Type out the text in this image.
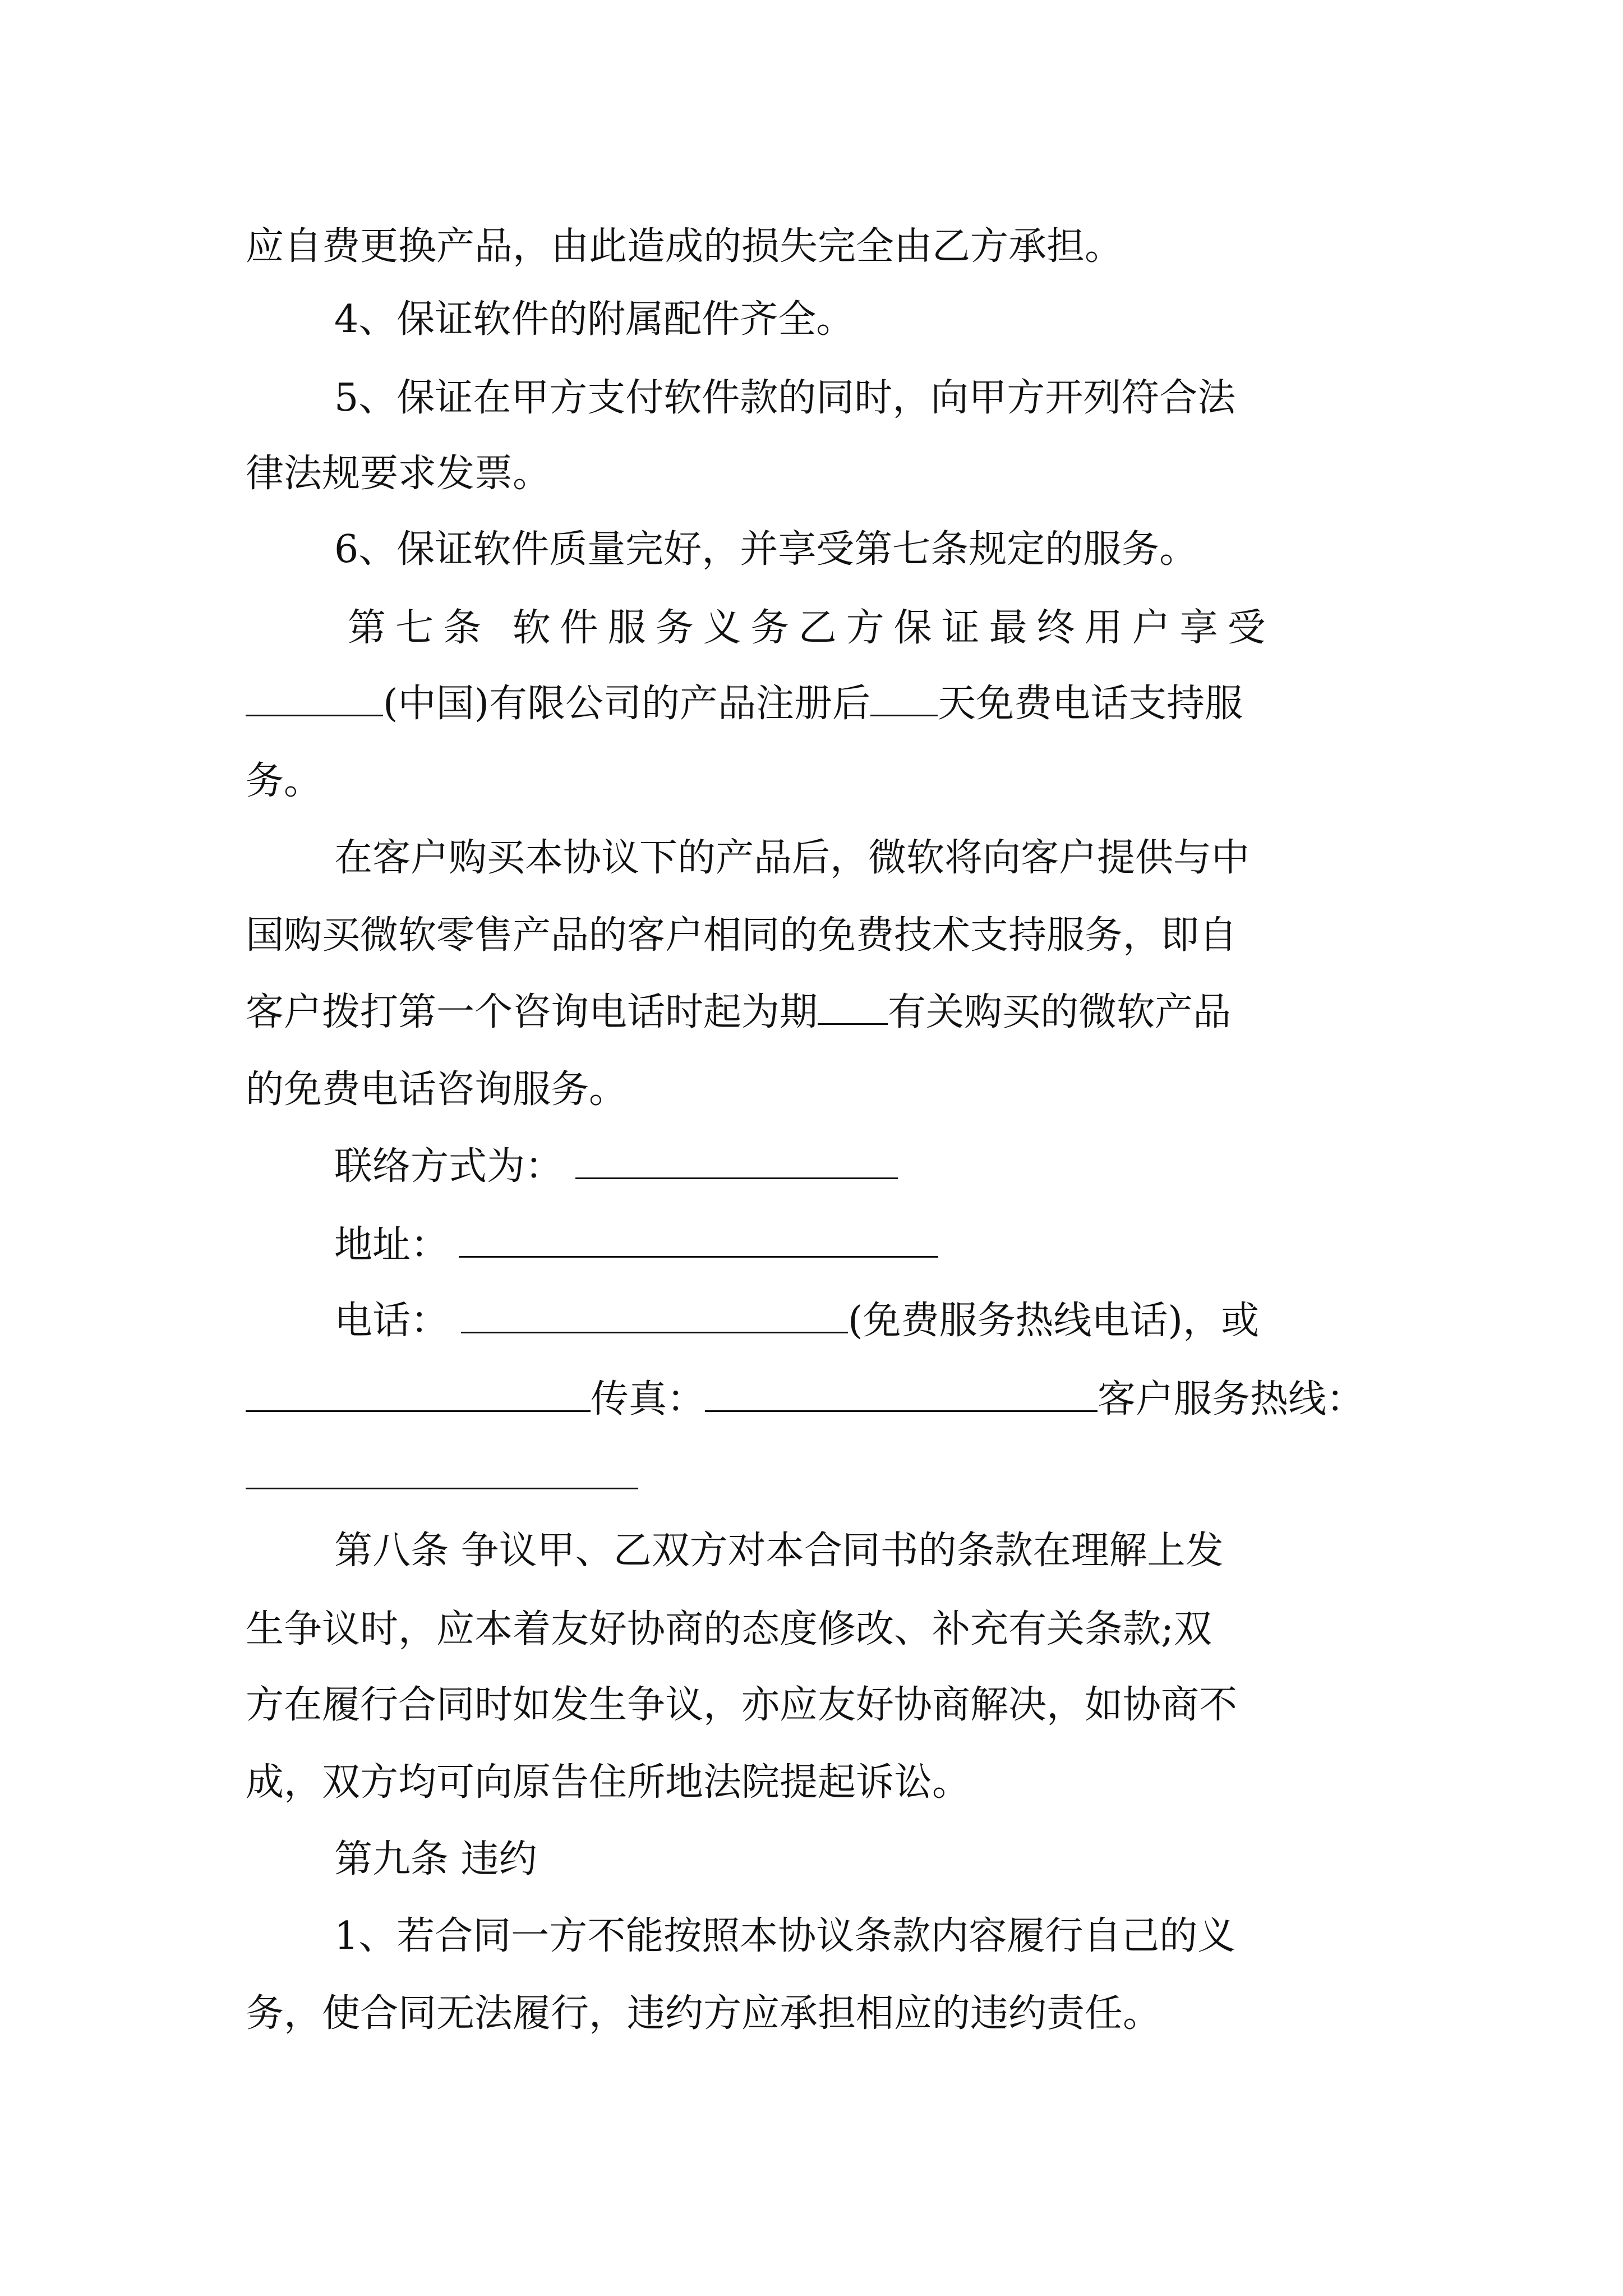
应自费更换产品，由此造成的损失完全由乙方承担。
4、保证软件的附属配件齐全。
5、保证在甲方支付软件款的同时，向甲方开列符合法
律法规要求发票。
6、保证软件质量完好，并享受第七条规定的服务。
第七条 软件服务义务乙方保证最终用户享受
(中国)有限公司的产品注册后 天免费电话支持服
务。
在客户购买本协议下的产品后，微软将向客户提供与中
国购买微软零售产品的客户相同的免费技术支持服务，即自
客户拨打第一个咨询电话时起为期 有关购买的微软产品
的免费电话咨询服务。
联络方式为：
地址：
电话：	(免费服务热线电话)，或
传真：	客户服务热线：
第八条 争议甲、乙双方对本合同书的条款在理解上发
生争议时，应本着友好协商的态度修改、补充有关条款;双
方在履行合同时如发生争议，亦应友好协商解决，如协商不
成，双方均可向原告住所地法院提起诉讼。
第九条 违约
1、若合同一方不能按照本协议条款内容履行自己的义
务，使合同无法履行，违约方应承担相应的违约责任。
